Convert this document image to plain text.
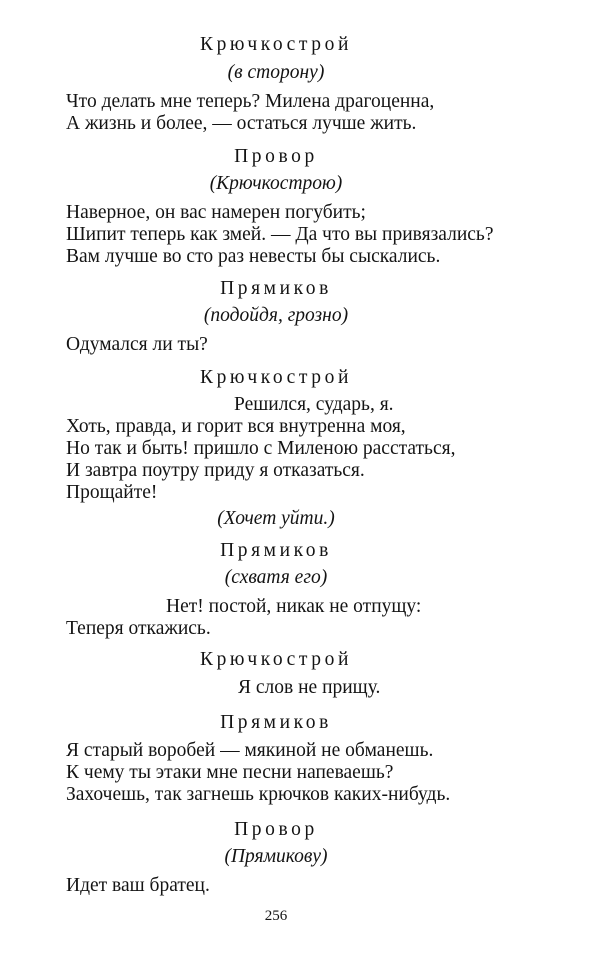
Крючкострой
(в сторону)
Что делать мне теперь? Милена драгоценна,
А жизнь и более, — остаться лучше жить.
Провор
(Крючкострою)
Наверное, он вас намерен погубить;
Шипит теперь как змей. — Да что вы привязались?
Вам лучше во сто раз невесты бы сыскались.
Прямиков
(подойдя, грозно)
Одумался ли ты?
Крючкострой
Решился, сударь, я.
Хоть, правда, и горит вся внутренна моя,
Но так и быть! пришло с Миленою расстаться,
И завтра поутру приду я отказаться.
Прощайте!
(Хочет уйти.)
Прямиков
(схватя его)
Нет! постой, никак не отпущу:
Теперя откажись.
Крючкострой
Я слов не прищу.
Прямиков
Я старый воробей — мякиной не обманешь.
К чему ты этаки мне песни напеваешь?
Захочешь, так загнешь крючков каких-нибудь.
Провор
(Прямикову)
Идет ваш братец.
256
